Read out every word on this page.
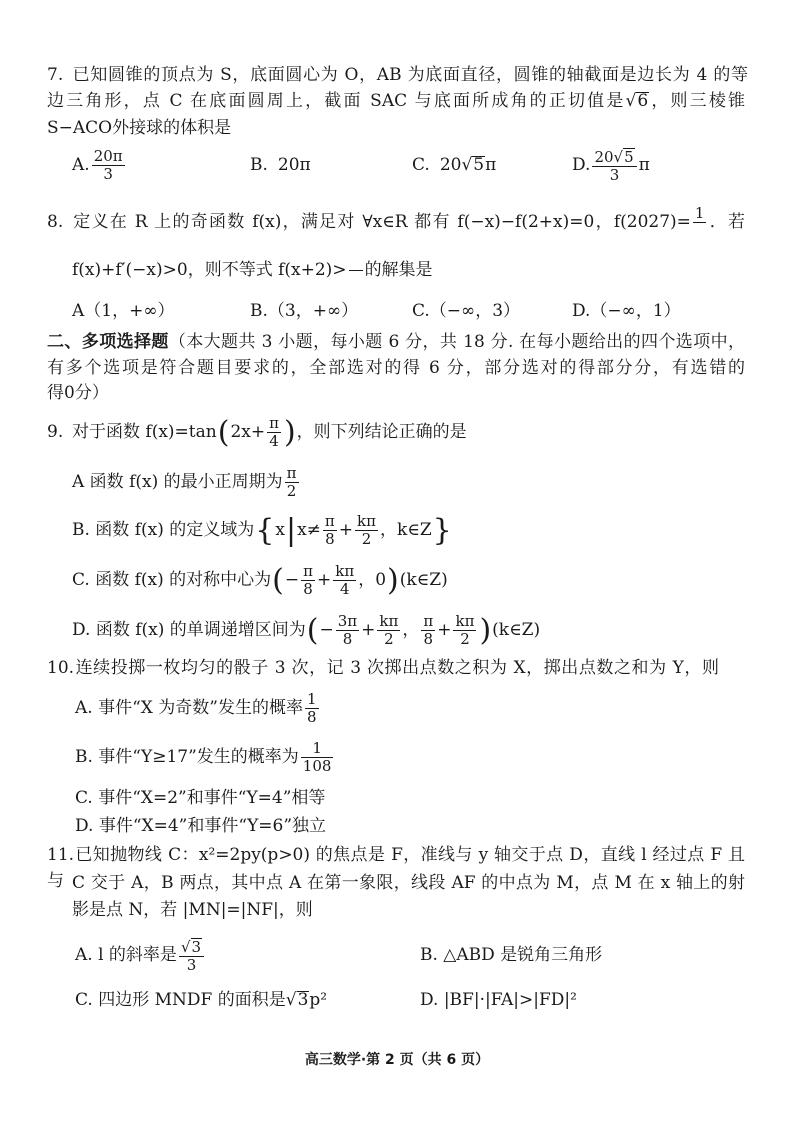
7. 已知圆锥的顶点为 S，底面圆心为 O，AB 为底面直径，圆锥的轴截面是边长为 4 的等
边三角形，点 C 在底面圆周上，截面 SAC 与底面所成角的正切值是√6，则三棱锥
S−ACO外接球的体积是
A. $\frac{20\pi}{3}$	B. 20π	C. 20√5π	D. $\frac{20√5}{3}$ π
8. 定义在 R 上的奇函数 f(x)，满足对 ∀x∈R 都有 f(−x)−f(2+x)=0，f(2027)= 1
．若
f(x)+f′(−x)>0，则不等式 f(x+2)> 的解集是
A（1，+∞）	B.（3，+∞）	C.（−∞，3）	D.（−∞，1）
二、多项选择题（本大题共 3 小题，每小题 6 分，共 18 分. 在每小题给出的四个选项中，
有多个选项是符合题目要求的，全部选对的得 6 分，部分选对的得部分分，有选错的
得0分）
9. 对于函数 $f(x)=\tan(2x+ \frac{\pi}{4}$ )，则下列结论正确的是
A 函数 f(x) 的最小正周期为 $\frac{\pi}{2}$
B. 函数 f(x) 的定义域为{$x|x\ne \frac{\pi}{8} + \frac{k\pi}{2}$ ，k∈Z}
C. 函数 f(x) 的对称中心为(− $\frac{\pi}{8} + \frac{k\pi}{4}$ ，0)(k∈Z)
D. 函数 f(x) 的单调递增区间为(− $\frac{3\pi}{8} + \frac{k\pi}{2}$ ， $\frac{\pi}{8} + \frac{k\pi}{2}$ )(k∈Z)
10.连续投掷一枚均匀的骰子 3 次，记 3 次掷出点数之积为 X，掷出点数之和为 Y，则
A. 事件“X 为奇数”发生的概率 $\frac{1}{8}$
B. 事件“Y≥17”发生的概率为 $\frac{1}{108}$
C. 事件“X=2”和事件“Y=4”相等
D. 事件“X=4”和事件“Y=6”独立
11.已知抛物线 C：x²=2py(p>0) 的焦点是 F，准线与 y 轴交于点 D，直线 l 经过点 F 且与 C 交于 A，B 两点，其中点 A 在第一象限，线段 AF 的中点为 M，点 M 在 x 轴上的射
影是点 N，若 |MN|=|NF|，则
A. l 的斜率是 $\frac{√3}{3}$	B. △ABD 是锐角三角形
C. 四边形 MNDF 的面积是√3p²	D. |BF|·|FA|>|FD|²
高三数学·第 2 页（共 6 页）
